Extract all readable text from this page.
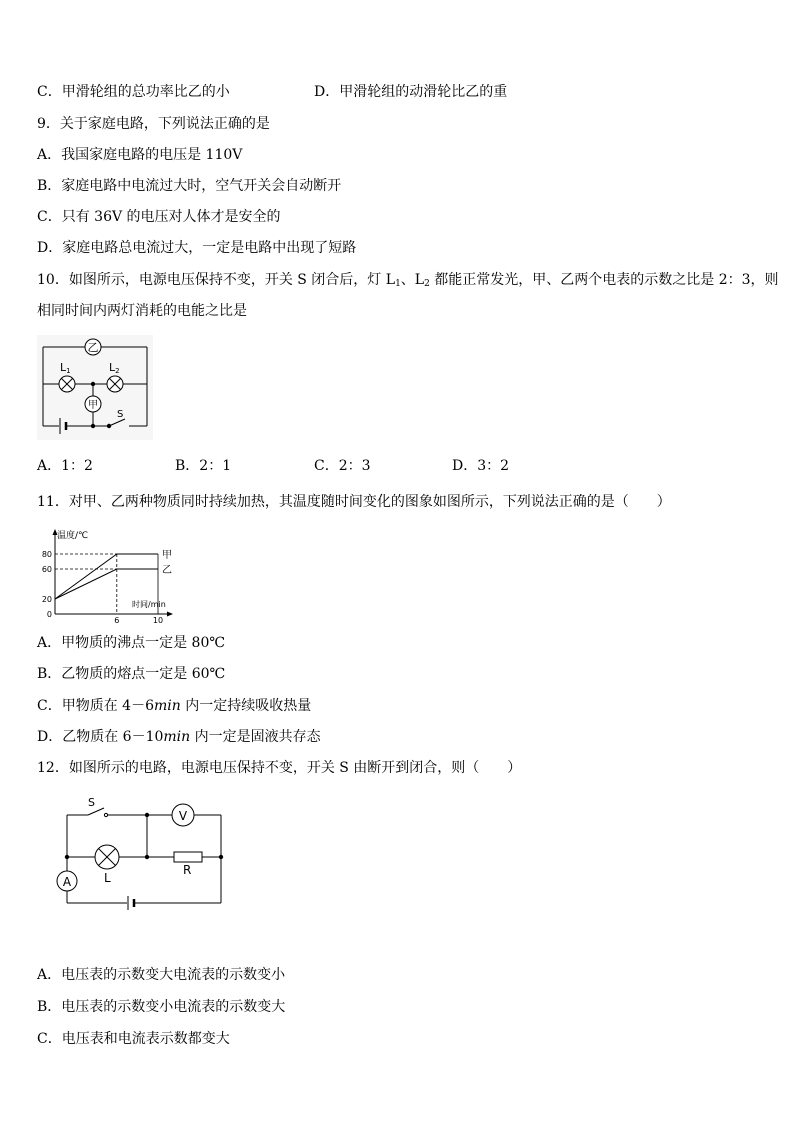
C．甲滑轮组的总功率比乙的小	D．甲滑轮组的动滑轮比乙的重
9．关于家庭电路，下列说法正确的是
A．我国家庭电路的电压是 110V
B．家庭电路中电流过大时，空气开关会自动断开
C．只有 36V 的电压对人体才是安全的
D．家庭电路总电流过大，一定是电路中出现了短路
10．如图所示，电源电压保持不变，开关 S 闭合后，灯 $L_1$、$L_2$ 都能正常发光，甲、乙两个电表的示数之比是 2：3，则
相同时间内两灯消耗的电能之比是
乙
L1	L2
甲
S
A．1：2	B．2：1	C．2：3	D．3：2
11．对甲、乙两种物质同时持续加热，其温度随时间变化的图象如图所示，下列说法正确的是（　　）
温度/℃
时间/min
80
60
20
0
6	10
甲
乙
A．甲物质的沸点一定是 80℃
B．乙物质的熔点一定是 60℃
C．甲物质在 4－6min 内一定持续吸收热量
D．乙物质在 6－10min 内一定是固液共存态
12．如图所示的电路，电源电压保持不变，开关 S 由断开到闭合，则（　　）
S
V
L
R
A
A．电压表的示数变大电流表的示数变小
B．电压表的示数变小电流表的示数变大
C．电压表和电流表示数都变大
